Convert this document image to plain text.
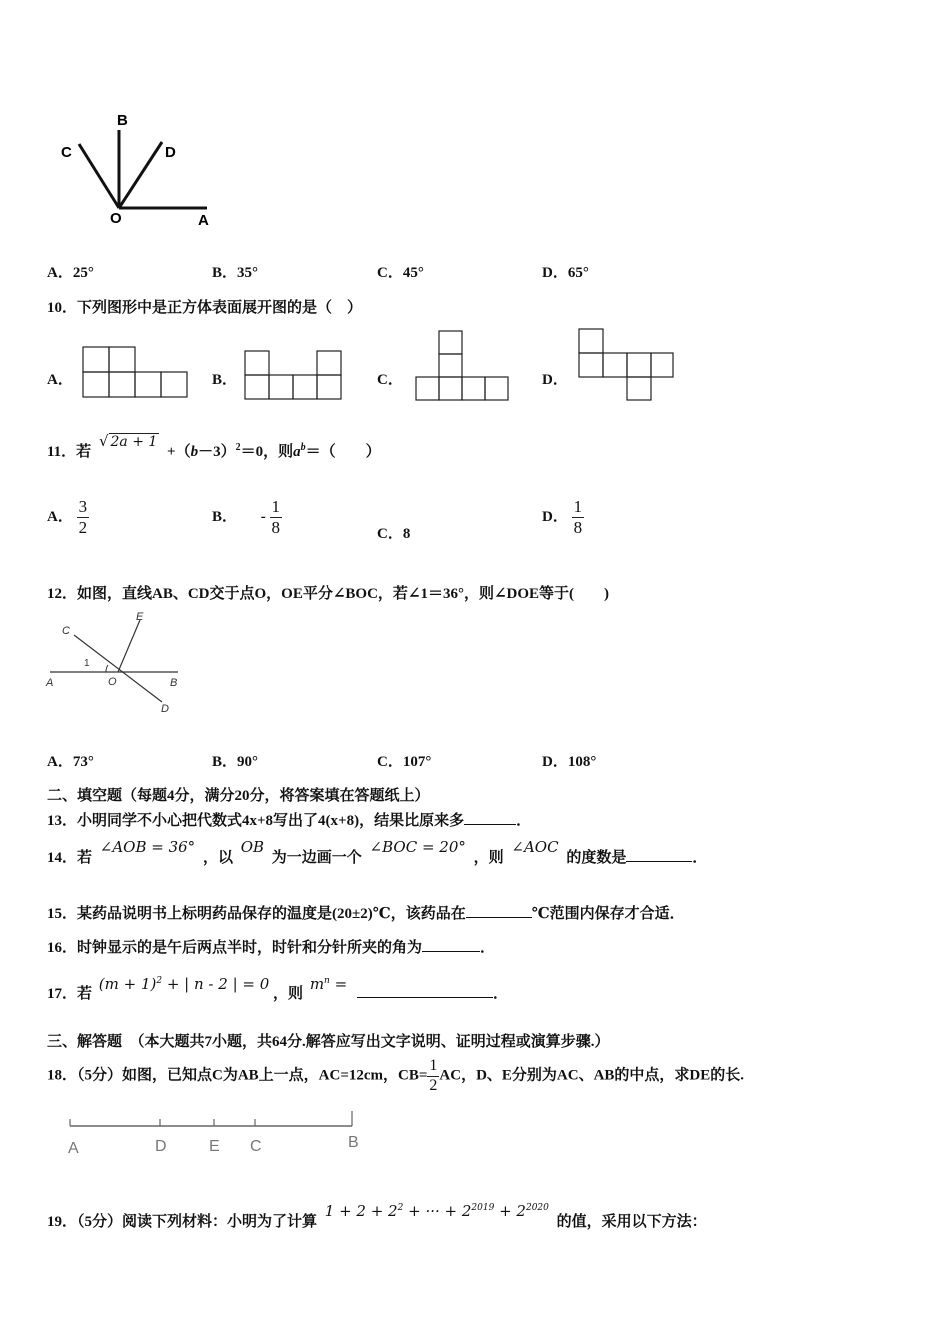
B
C	D
O	A
A．25°	B．35°	C．45°	D．65°
10．下列图形中是正方体表面展开图的是（　）
A．	B．	C．	D．
11．若 √ $2a + 1 +(b-3)^2=0$，则$a^b=$（　　）
A． $\frac{3}{2}$	B． - $\frac{1}{8}$	C．8
D． $\frac{1}{8}$
12．如图，直线AB、CD交于点O，OE平分∠BOC，若∠1＝36°，则∠DOE等于(　　)
C
E
1
A	O	B
D
A．73°	B．90°	C．107°	D．108°
二、填空题（每题4分，满分20分，将答案填在答题纸上）
13．小明同学不小心把代数式4x+8写出了4(x+8)，结果比原来多	．
14．若 ∠AOB = 36° ，以 OB 为一边画一个 ∠BOC = 20° ，则 ∠AOC 的度数是	．
15．某药品说明书上标明药品保存的温度是(20±2)℃，该药品在	℃范围内保存才合适．
16．时钟显示的是午后两点半时，时针和分针所夹的角为	．
17．若 $(m + 1)^2$ + | n - 2 | = 0 ，则 $m^n$ = ．
三、解答题　（本大题共7小题，共64分.解答应写出文字说明、证明过程或演算步骤.）
18．（5分）如图，已知点C为AB上一点，AC=12cm，$CB= \frac{1}{2}$ AC，D、E分别为AC、AB的中点，求DE的长.
A	D	E C	B
19．（5分）阅读下列材料：小明为了计算 $1 + 2 + 2^2$ + ··· + $2^{2019} + 2^{2020}$ 的值，采用以下方法：
